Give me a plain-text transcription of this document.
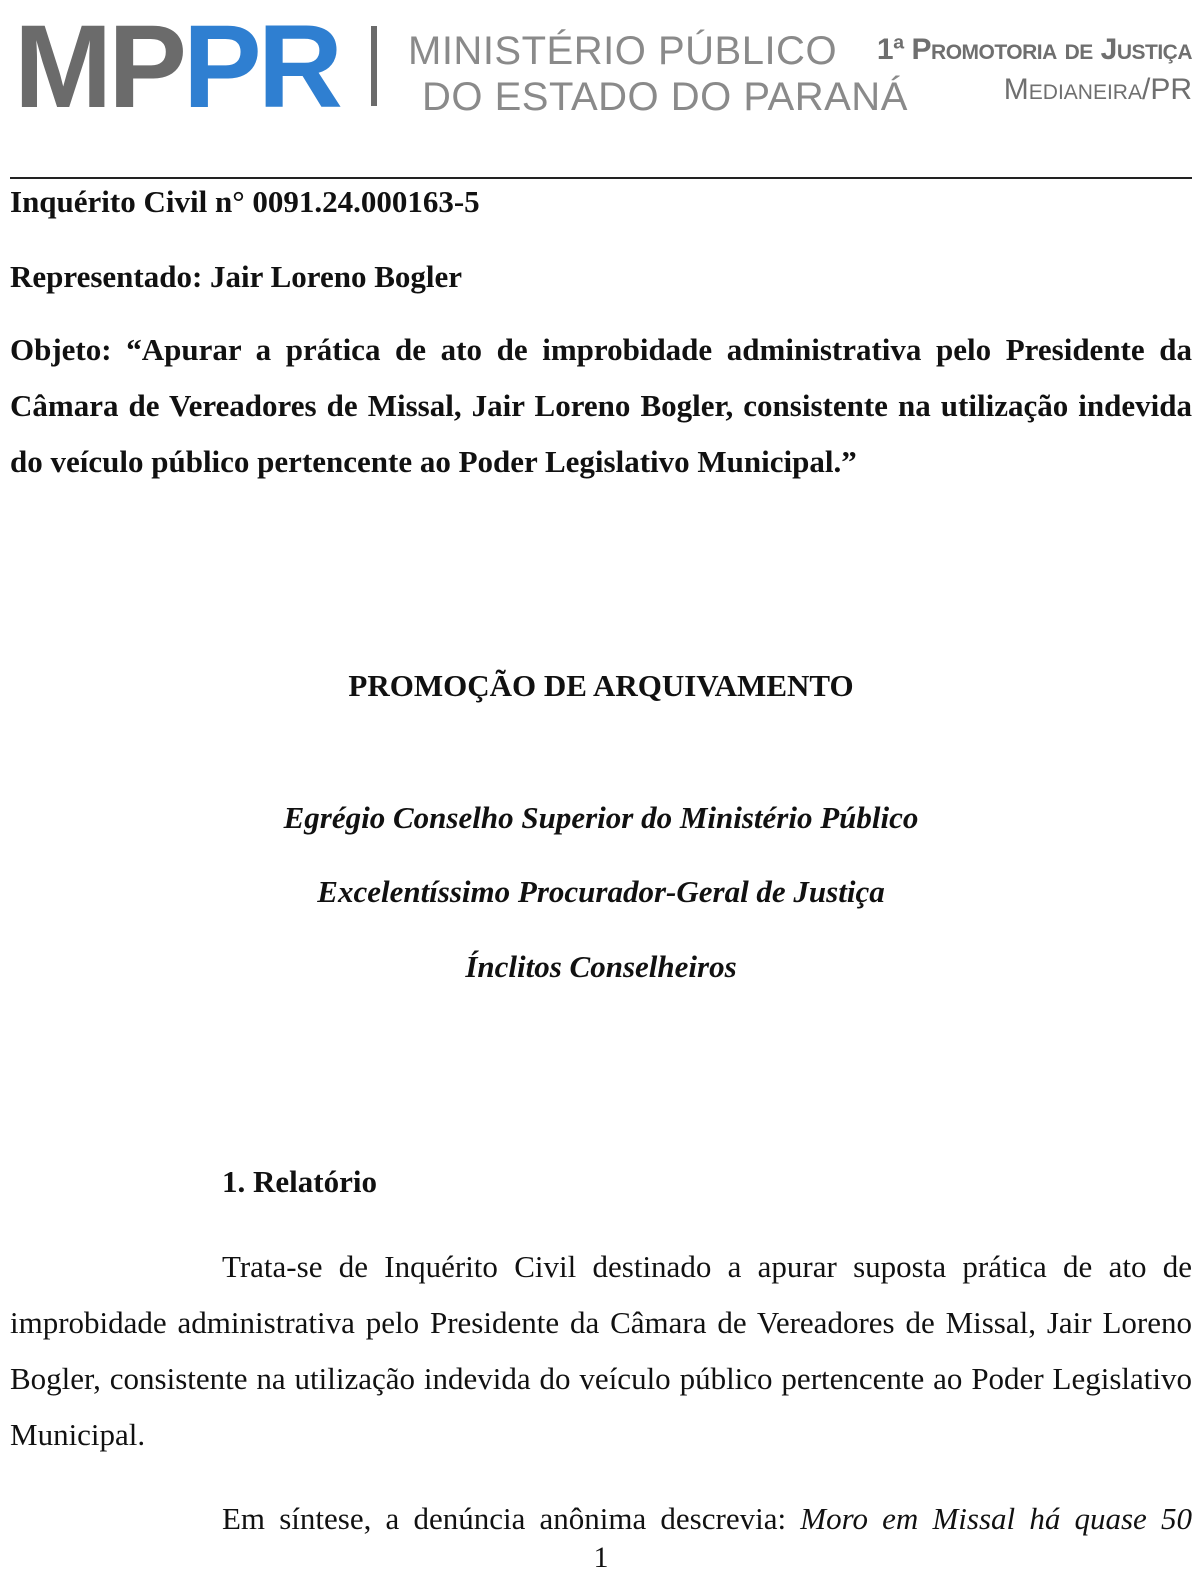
MPPR MINISTÉRIO PÚBLICO
DO ESTADO DO PARANÁ
1ª Promotoria de Justiça
Medianeira/PR
Inquérito Civil n° 0091.24.000163-5
Representado: Jair Loreno Bogler
Objeto: “Apurar a prática de ato de improbidade administrativa pelo Presidente da Câmara de Vereadores de Missal, Jair Loreno Bogler, consistente na utilização indevida do veículo público pertencente ao Poder Legislativo Municipal.”
PROMOÇÃO DE ARQUIVAMENTO
Egrégio Conselho Superior do Ministério Público
Excelentíssimo Procurador-Geral de Justiça
Ínclitos Conselheiros
1. Relatório
Trata-se de Inquérito Civil destinado a apurar suposta prática de ato de improbidade administrativa pelo Presidente da Câmara de Vereadores de Missal, Jair Loreno Bogler, consistente na utilização indevida do veículo público pertencente ao Poder Legislativo Municipal.
Em síntese, a denúncia anônima descrevia: Moro em Missal há quase 50
1
